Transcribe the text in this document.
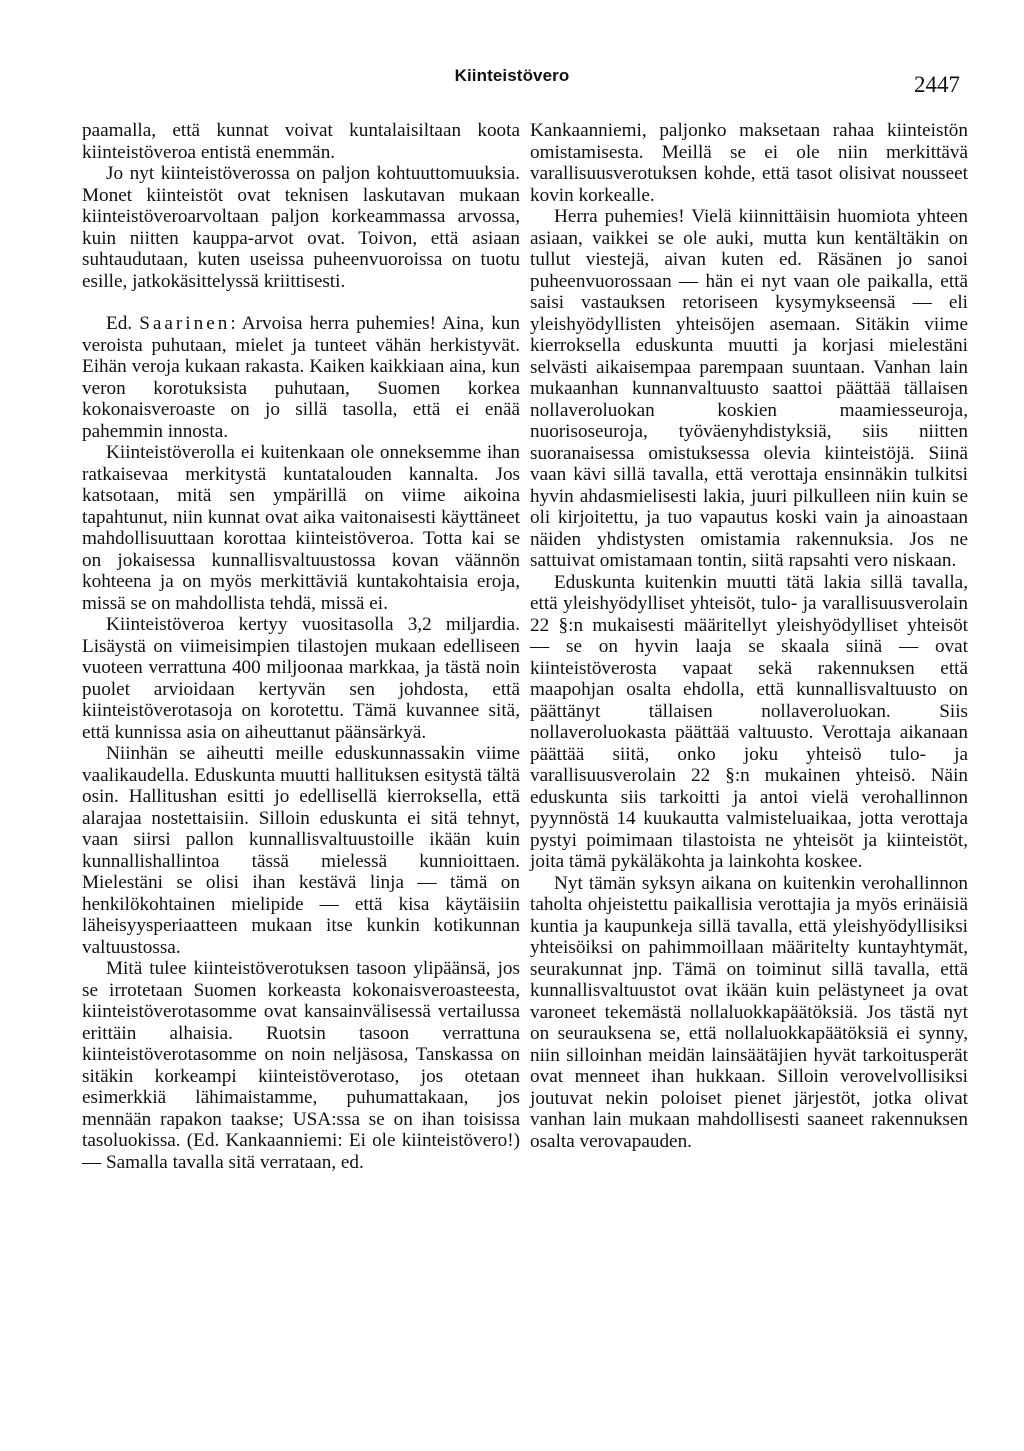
Kiinteistövero	2447

paamalla, että kunnat voivat kuntalaisiltaan koota kiinteistöveroa entistä enemmän.

Jo nyt kiinteistöverossa on paljon kohtuuttomuuksia. Monet kiinteistöt ovat teknisen laskutavan mukaan kiinteistöveroarvoltaan paljon korkeammassa arvossa, kuin niitten kauppa-arvot ovat. Toivon, että asiaan suhtaudutaan, kuten useissa puheenvuoroissa on tuotu esille, jatkokäsittelyssä kriittisesti.

Ed. Saarinen: Arvoisa herra puhemies! Aina, kun veroista puhutaan, mielet ja tunteet vähän herkistyvät. Eihän veroja kukaan rakasta. Kaiken kaikkiaan aina, kun veron korotuksista puhutaan, Suomen korkea kokonaisveroaste on jo sillä tasolla, että ei enää pahemmin innosta.

Kiinteistöverolla ei kuitenkaan ole onneksemme ihan ratkaisevaa merkitystä kuntatalouden kannalta. Jos katsotaan, mitä sen ympärillä on viime aikoina tapahtunut, niin kunnat ovat aika vaitonaisesti käyttäneet mahdollisuuttaan korottaa kiinteistöveroa. Totta kai se on jokaisessa kunnallisvaltuustossa kovan väännön kohteena ja on myös merkittäviä kuntakohtaisia eroja, missä se on mahdollista tehdä, missä ei.

Kiinteistöveroa kertyy vuositasolla 3,2 miljardia. Lisäystä on viimeisimpien tilastojen mukaan edelliseen vuoteen verrattuna 400 miljoonaa markkaa, ja tästä noin puolet arvioidaan kertyvän sen johdosta, että kiinteistöverotasoja on korotettu. Tämä kuvannee sitä, että kunnissa asia on aiheuttanut päänsärkyä.

Niinhän se aiheutti meille eduskunnassakin viime vaalikaudella. Eduskunta muutti hallituksen esitystä tältä osin. Hallitushan esitti jo edellisellä kierroksella, että alarajaa nostettaisiin. Silloin eduskunta ei sitä tehnyt, vaan siirsi pallon kunnallisvaltuustoille ikään kuin kunnallishallintoa tässä mielessä kunnioittaen. Mielestäni se olisi ihan kestävä linja — tämä on henkilökohtainen mielipide — että kisa käytäisiin läheisyysperiaatteen mukaan itse kunkin kotikunnan valtuustossa.

Mitä tulee kiinteistöverotuksen tasoon ylipäänsä, jos se irrotetaan Suomen korkeasta kokonaisveroasteesta, kiinteistöverotasomme ovat kansainvälisessä vertailussa erittäin alhaisia. Ruotsin tasoon verrattuna kiinteistöverotasomme on noin neljäsosa, Tanskassa on sitäkin korkeampi kiinteistöverotaso, jos otetaan esimerkkiä lähimaistamme, puhumattakaan, jos mennään rapakon taakse; USA:ssa se on ihan toisissa tasoluokissa. (Ed. Kankaanniemi: Ei ole kiinteistövero!) — Samalla tavalla sitä verrataan, ed.

Kankaanniemi, paljonko maksetaan rahaa kiinteistön omistamisesta. Meillä se ei ole niin merkittävä varallisuusverotuksen kohde, että tasot olisivat nousseet kovin korkealle.

Herra puhemies! Vielä kiinnittäisin huomiota yhteen asiaan, vaikkei se ole auki, mutta kun kentältäkin on tullut viestejä, aivan kuten ed. Räsänen jo sanoi puheenvuorossaan — hän ei nyt vaan ole paikalla, että saisi vastauksen retoriseen kysymykseensä — eli yleishyödyllisten yhteisöjen asemaan. Sitäkin viime kierroksella eduskunta muutti ja korjasi mielestäni selvästi aikaisempaa parempaan suuntaan. Vanhan lain mukaanhan kunnanvaltuusto saattoi päättää tällaisen nollaveroluokan koskien maamiesseuroja, nuorisoseuroja, työväenyhdistyksiä, siis niitten suoranaisessa omistuksessa olevia kiinteistöjä. Siinä vaan kävi sillä tavalla, että verottaja ensinnäkin tulkitsi hyvin ahdasmielisesti lakia, juuri pilkulleen niin kuin se oli kirjoitettu, ja tuo vapautus koski vain ja ainoastaan näiden yhdistysten omistamia rakennuksia. Jos ne sattuivat omistamaan tontin, siitä rapsahti vero niskaan.

Eduskunta kuitenkin muutti tätä lakia sillä tavalla, että yleishyödylliset yhteisöt, tulo- ja varallisuusverolain 22 §:n mukaisesti määritellyt yleishyödylliset yhteisöt — se on hyvin laaja se skaala siinä — ovat kiinteistöverosta vapaat sekä rakennuksen että maapohjan osalta ehdolla, että kunnallisvaltuusto on päättänyt tällaisen nollaveroluokan. Siis nollaveroluokasta päättää valtuusto. Verottaja aikanaan päättää siitä, onko joku yhteisö tulo- ja varallisuusverolain 22 §:n mukainen yhteisö. Näin eduskunta siis tarkoitti ja antoi vielä verohallinnon pyynnöstä 14 kuukautta valmisteluaikaa, jotta verottaja pystyi poimimaan tilastoista ne yhteisöt ja kiinteistöt, joita tämä pykäläkohta ja lainkohta koskee.

Nyt tämän syksyn aikana on kuitenkin verohallinnon taholta ohjeistettu paikallisia verottajia ja myös erinäisiä kuntia ja kaupunkeja sillä tavalla, että yleishyödyllisiksi yhteisöiksi on pahimmoillaan määritelty kuntayhtymät, seurakunnat jnp. Tämä on toiminut sillä tavalla, että kunnallisvaltuustot ovat ikään kuin pelästyneet ja ovat varoneet tekemästä nollaluokkapäätöksiä. Jos tästä nyt on seurauksena se, että nollaluokkapäätöksiä ei synny, niin silloinhan meidän lainsäätäjien hyvät tarkoitusperät ovat menneet ihan hukkaan. Silloin verovelvollisiksi joutuvat nekin poloiset pienet järjestöt, jotka olivat vanhan lain mukaan mahdollisesti saaneet rakennuksen osalta verovapauden.
